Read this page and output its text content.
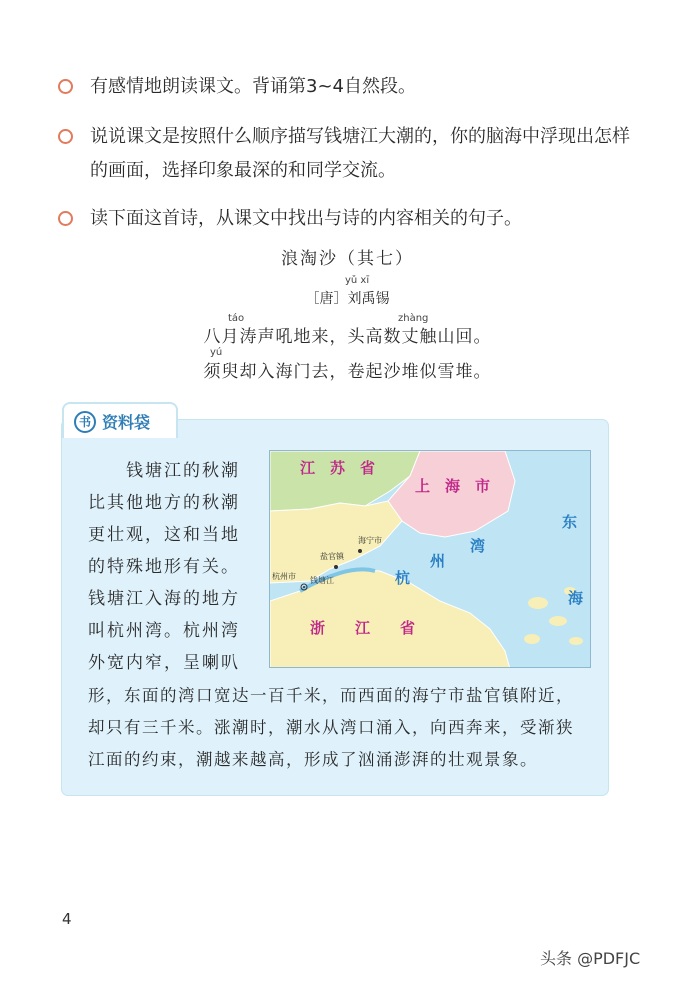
有感情地朗读课文。背诵第3~4自然段。
说说课文是按照什么顺序描写钱塘江大潮的，你的脑海中浮现出怎样的画面，选择印象最深的和同学交流。
读下面这首诗，从课文中找出与诗的内容相关的句子。
浪淘沙（其七）
yǔ xī
［唐］刘禹锡
táo	zhàng
八月涛声吼地来，头高数丈触山回。
yú
须臾却入海门去，卷起沙堆似雪堆。
书 资料袋
　　钱塘江的秋潮
比其他地方的秋潮
更壮观，这和当地
的特殊地形有关。
钱塘江入海的地方
叫杭州湾。杭州湾
外宽内窄，呈喇叭
形，东面的湾口宽达一百千米，而西面的海宁市盐官镇附近，
却只有三千米。涨潮时，潮水从湾口涌入，向西奔来，受渐狭
江面的约束，潮越来越高，形成了汹涌澎湃的壮观景象。
江　苏　省
上　海　市
浙　　江　　省
杭
州
湾
东
海
海宁市
盐官镇
杭州市 钱塘江
4
头条 @PDFJC
